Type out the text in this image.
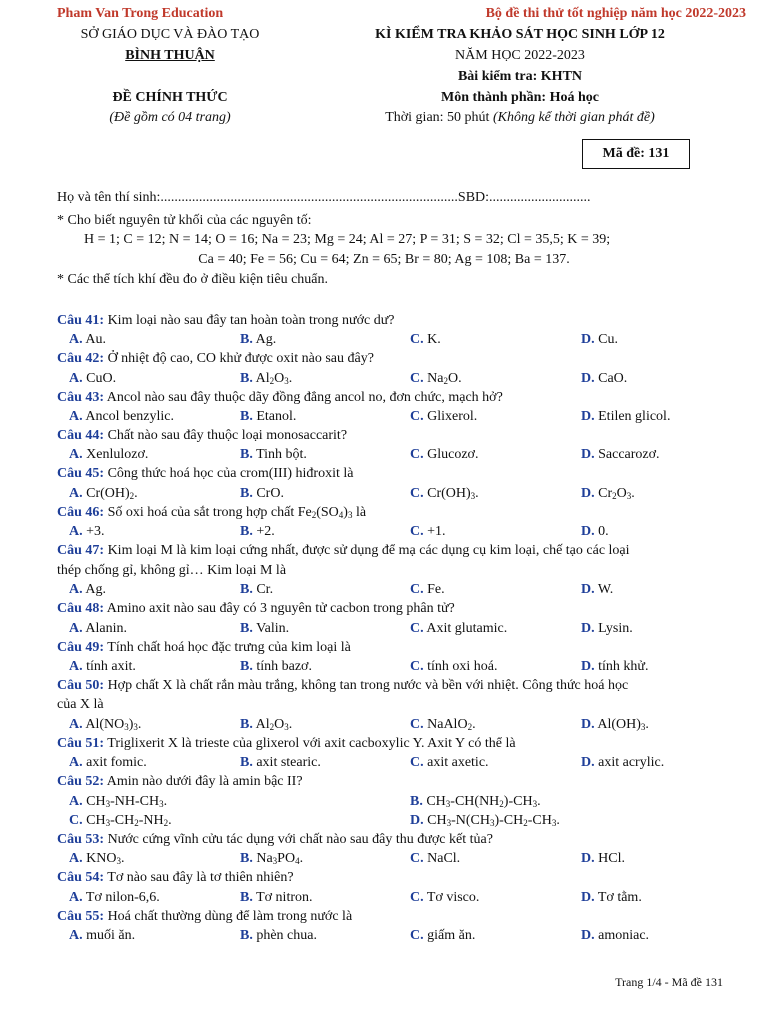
Pham Van Trong Education	Bộ đề thi thử tốt nghiệp năm học 2022-2023
SỞ GIÁO DỤC VÀ ĐÀO TẠO
BÌNH THUẬN
ĐỀ CHÍNH THỨC
(Đề gồm có 04 trang)
KÌ KIỂM TRA KHẢO SÁT HỌC SINH LỚP 12
NĂM HỌC 2022-2023
Bài kiểm tra: KHTN
Môn thành phần: Hoá học
Thời gian: 50 phút (Không kể thời gian phát đề)
Mã đề: 131
Họ và tên thí sinh:.....................................................................................SBD:.............................
* Cho biết nguyên tử khối của các nguyên tố:
H = 1; C = 12; N = 14; O = 16; Na = 23; Mg = 24; Al = 27; P = 31; S = 32; Cl = 35,5; K = 39;
Ca = 40; Fe = 56; Cu = 64; Zn = 65; Br = 80; Ag = 108; Ba = 137.
* Các thể tích khí đều đo ở điều kiện tiêu chuẩn.
Câu 41: Kim loại nào sau đây tan hoàn toàn trong nước dư?
A. Au.	B. Ag.	C. K.	D. Cu.
Câu 42: Ở nhiệt độ cao, CO khử được oxit nào sau đây?
A. CuO.	B. $Al_2O_3$.	C. $Na_2O$.	D. CaO.
Câu 43: Ancol nào sau đây thuộc dãy đồng đẳng ancol no, đơn chức, mạch hở?
A. Ancol benzylic.	B. Etanol.	C. Glixerol.	D. Etilen glicol.
Câu 44: Chất nào sau đây thuộc loại monosaccarit?
A. Xenlulozơ.	B. Tinh bột.	C. Glucozơ.	D. Saccarozơ.
Câu 45: Công thức hoá học của crom(III) hiđroxit là
A. $Cr(OH)_2$.	B. CrO.	C. $Cr(OH)_3$.	D. $Cr_2O_3$.
Câu 46: Số oxi hoá của sắt trong hợp chất $Fe_2(SO_4)_3$ là
A. +3.	B. +2.	C. +1.	D. 0.
Câu 47: Kim loại M là kim loại cứng nhất, được sử dụng để mạ các dụng cụ kim loại, chế tạo các loại
thép chống gỉ, không gỉ… Kim loại M là
A. Ag.	B. Cr.	C. Fe.	D. W.
Câu 48: Amino axit nào sau đây có 3 nguyên tử cacbon trong phân tử?
A. Alanin.	B. Valin.	C. Axit glutamic.	D. Lysin.
Câu 49: Tính chất hoá học đặc trưng của kim loại là
A. tính axit.	B. tính bazơ.	C. tính oxi hoá.	D. tính khử.
Câu 50: Hợp chất X là chất rắn màu trắng, không tan trong nước và bền với nhiệt. Công thức hoá học
của X là
A. $Al(NO_3)_3$.	B. $Al_2O_3$.	C. NaAlO$_2$.	D. $Al(OH)_3$.
Câu 51: Triglixerit X là trieste của glixerol với axit cacboxylic Y. Axit Y có thể là
A. axit fomic.	B. axit stearic.	C. axit axetic.	D. axit acrylic.
Câu 52: Amin nào dưới đây là amin bậc II?
A. $CH_3-NH-CH_3$.	B. $CH_3-CH(NH_2)-CH_3$.
C. $CH_3-CH_2-NH_2$.	D. $CH_3-N(CH_3)-CH_2-CH_3$.
Câu 53: Nước cứng vĩnh cửu tác dụng với chất nào sau đây thu được kết tủa?
A. $KNO_3$.	B. $Na_3PO_4$.	C. NaCl.	D. HCl.
Câu 54: Tơ nào sau đây là tơ thiên nhiên?
A. Tơ nilon-6,6.	B. Tơ nitron.	C. Tơ visco.	D. Tơ tằm.
Câu 55: Hoá chất thường dùng để làm trong nước là
A. muối ăn.	B. phèn chua.	C. giấm ăn.	D. amoniac.
Trang 1/4 - Mã đề 131
